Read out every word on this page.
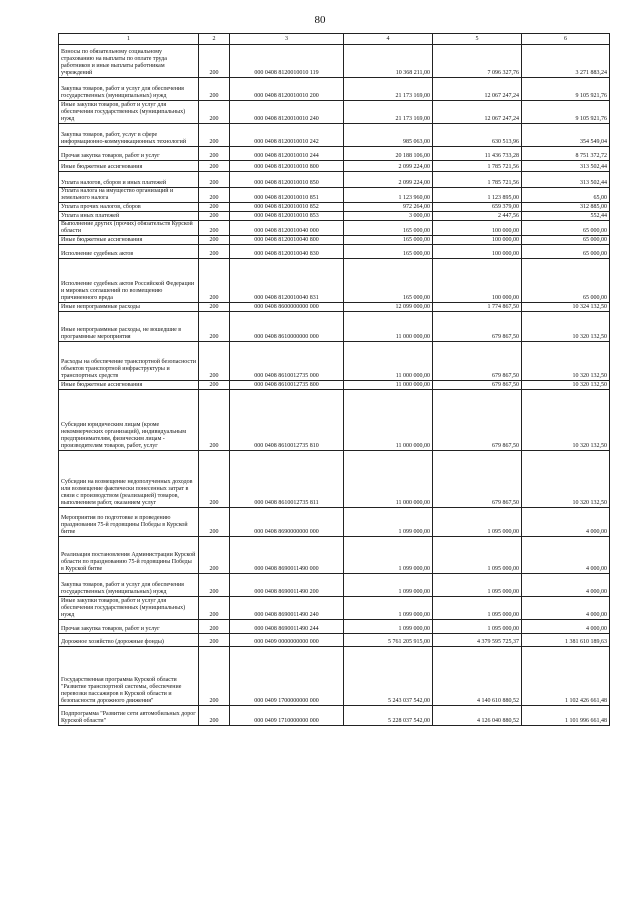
80
1	2	3	4	5	6
Взносы по обязательному социальному страхованию на выплаты по оплате труда работников и иные выплаты работникам учреждений	200	000 0408 8120010010 119	10 368 211,00	7 096 327,76	3 271 883,24
Закупка товаров, работ и услуг для обеспечения государственных (муниципальных) нужд	200	000 0408 8120010010 200	21 173 169,00	12 067 247,24	9 105 921,76
Иные закупки товаров, работ и услуг для обеспечения государственных (муниципальных) нужд	200	000 0408 8120010010 240	21 173 169,00	12 067 247,24	9 105 921,76
Закупка товаров, работ, услуг в сфере информационно-коммуникационных технологий	200	000 0408 8120010010 242	985 063,00	630 513,96	354 549,04
Прочая закупка товаров, работ и услуг	200	000 0408 8120010010 244	20 188 106,00	11 436 733,28	8 751 372,72
Иные бюджетные ассигнования	200	000 0408 8120010010 800	2 099 224,00	1 785 721,56	313 502,44
Уплата налогов, сборов и иных платежей	200	000 0408 8120010010 850	2 099 224,00	1 785 721,56	313 502,44
Уплата налога на имущество организаций и земельного налога	200	000 0408 8120010010 851	1 123 960,00	1 123 895,00	65,00
Уплата прочих налогов, сборов	200	000 0408 8120010010 852	972 264,00	659 379,00	312 885,00
Уплата иных платежей	200	000 0408 8120010010 853	3 000,00	2 447,56	552,44
Выполнение других (прочих) обязательств Курской области	200	000 0408 8120010040 000	165 000,00	100 000,00	65 000,00
Иные бюджетные ассигнования	200	000 0408 8120010040 800	165 000,00	100 000,00	65 000,00
Исполнение судебных актов	200	000 0408 8120010040 830	165 000,00	100 000,00	65 000,00
Исполнение судебных актов Российской Федерации и мировых соглашений по возмещению причиненного вреда	200	000 0408 8120010040 831	165 000,00	100 000,00	65 000,00
Иные непрограммные расходы	200	000 0408 8600000000 000	12 099 000,00	1 774 867,50	10 324 132,50
Иные непрограммные расходы, не вошедшие в программные мероприятия	200	000 0408 8610000000 000	11 000 000,00	679 867,50	10 320 132,50
Расходы на обеспечение транспортной безопасности объектов транспортной инфраструктуры и транспортных средств	200	000 0408 8610012735 000	11 000 000,00	679 867,50	10 320 132,50
Иные бюджетные ассигнования	200	000 0408 8610012735 800	11 000 000,00	679 867,50	10 320 132,50
Субсидии юридическим лицам (кроме некоммерческих организаций), индивидуальным предпринимателям, физическим лицам - производителям товаров, работ, услуг	200	000 0408 8610012735 810	11 000 000,00	679 867,50	10 320 132,50
Субсидии на возмещение недополученных доходов или возмещение фактически понесенных затрат в связи с производством (реализацией) товаров, выполнением работ, оказанием услуг	200	000 0408 8610012735 811	11 000 000,00	679 867,50	10 320 132,50
Мероприятия по подготовке и проведению празднования 75-й годовщины Победы в Курской битве	200	000 0408 8690000000 000	1 099 000,00	1 095 000,00	4 000,00
Реализация постановления Администрации Курской области по празднованию 75-й годовщины Победы в Курской битве	200	000 0408 8690011490 000	1 099 000,00	1 095 000,00	4 000,00
Закупка товаров, работ и услуг для обеспечения государственных (муниципальных) нужд	200	000 0408 8690011490 200	1 099 000,00	1 095 000,00	4 000,00
Иные закупки товаров, работ и услуг для обеспечения государственных (муниципальных) нужд	200	000 0408 8690011490 240	1 099 000,00	1 095 000,00	4 000,00
Прочая закупка товаров, работ и услуг	200	000 0408 8690011490 244	1 099 000,00	1 095 000,00	4 000,00
Дорожное хозяйство (дорожные фонды)	200	000 0409 0000000000 000	5 761 205 915,00	4 379 595 725,37	1 381 610 189,63
Государственная программа Курской области "Развитие транспортной системы, обеспечение перевозки пассажиров в Курской области и безопасности дорожного движения"	200	000 0409 1700000000 000	5 243 037 542,00	4 140 610 880,52	1 102 426 661,48
Подпрограмма "Развитие сети автомобильных дорог Курской области"	200	000 0409 1710000000 000	5 228 037 542,00	4 126 040 880,52	1 101 996 661,48
